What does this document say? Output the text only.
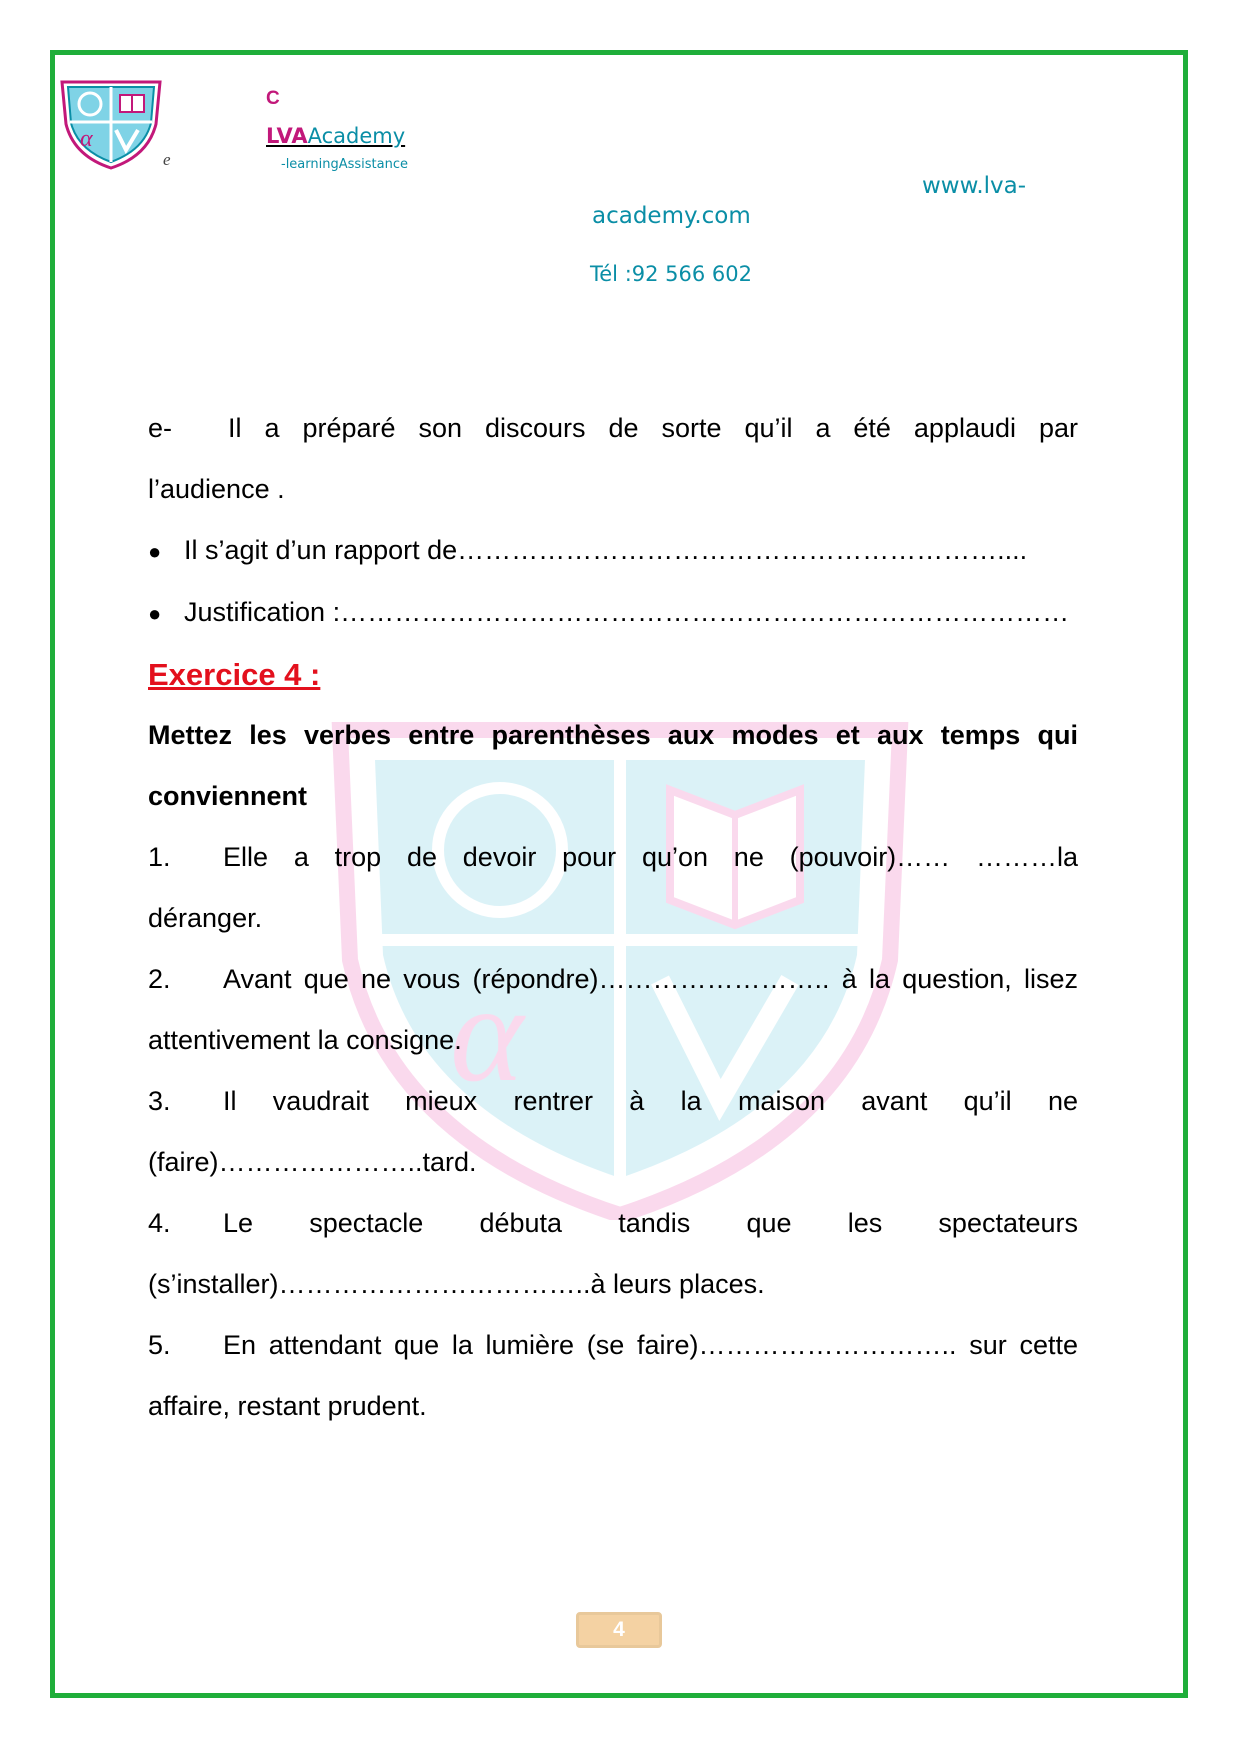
α
e
C
LVAAcademy
-learningAssistance
www.lva-
academy.com
Tél :92 566 602
α

e- Il a préparé son discours de sorte qu’il a été applaudi par

l’audience .

● Il s’agit d’un rapport de……………………………………………………....

● Justification :………………………………………………………………………

Exercice 4 :

Mettez les verbes entre parenthèses aux modes et aux temps qui

conviennent

1. Elle a trop de devoir pour qu’on ne (pouvoir)…… ………la

déranger.

2. Avant que ne vous (répondre)…………………….. à la question, lisez

attentivement la consigne.

3. Il vaudrait mieux rentrer à la maison avant qu’il ne

(faire)…………………..tard.

4. Le spectacle débuta tandis que les spectateurs

(s’installer)……………………………..à leurs places.

5. En attendant que la lumière (se faire)……………………….. sur cette

affaire, restant prudent.

4
